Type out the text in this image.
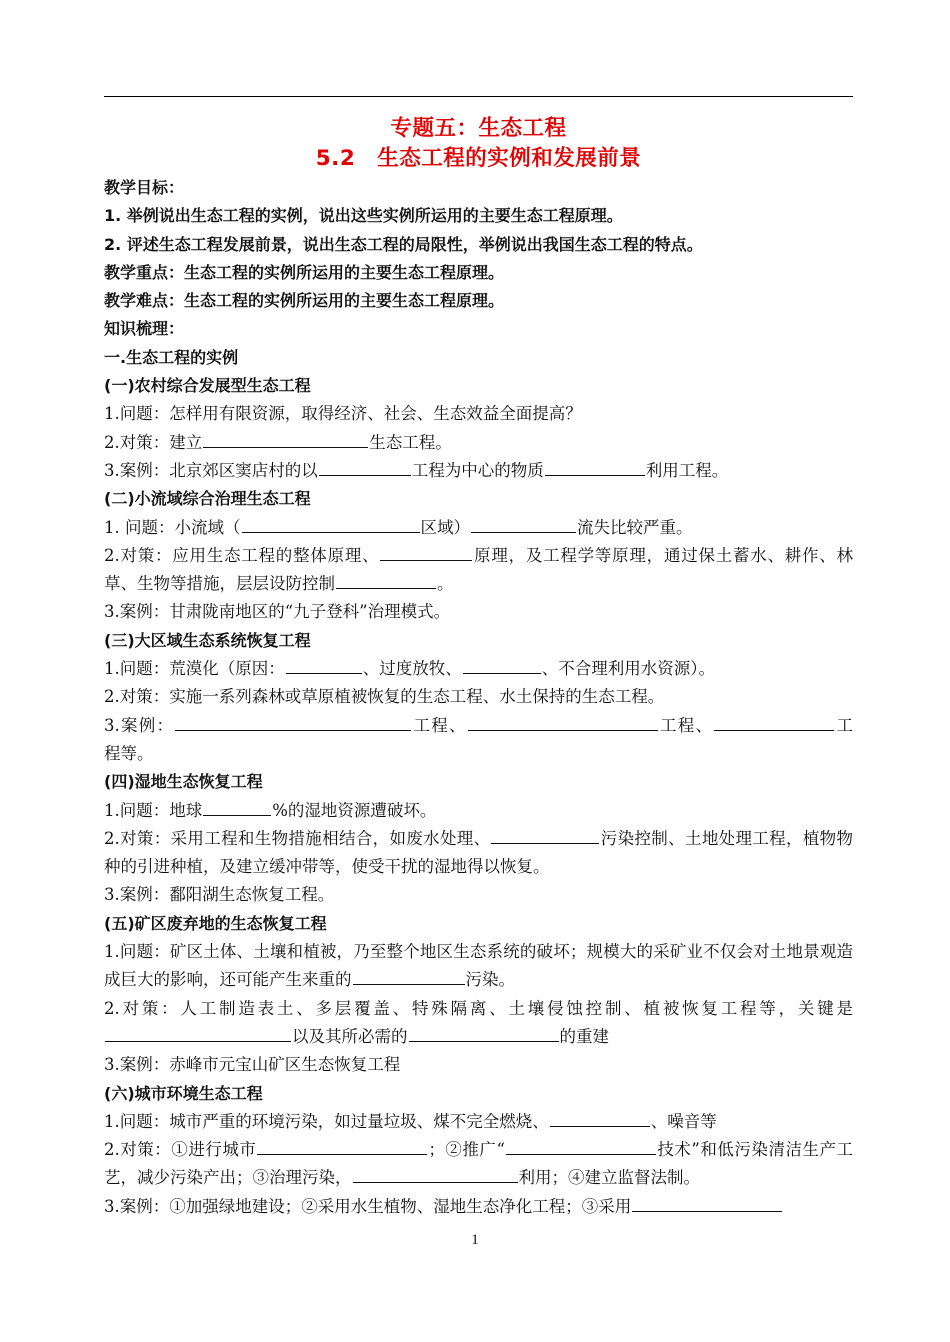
专题五：生态工程
5.2　生态工程的实例和发展前景
教学目标：
1. 举例说出生态工程的实例，说出这些实例所运用的主要生态工程原理。
2. 评述生态工程发展前景，说出生态工程的局限性，举例说出我国生态工程的特点。
教学重点：生态工程的实例所运用的主要生态工程原理。
教学难点：生态工程的实例所运用的主要生态工程原理。
知识梳理：
一.生态工程的实例
(一)农村综合发展型生态工程
1.问题：怎样用有限资源，取得经济、社会、生态效益全面提高？
2.对策：建立	生态工程。
3.案例：北京郊区窦店村的以	工程为中心的物质	利用工程。
(二)小流域综合治理生态工程
1. 问题：小流域（	区域）	流失比较严重。
2.对策：应用生态工程的整体原理、	原理，及工程学等原理，通过保土蓄水、耕作、林草、生物等措施，层层设防控制	。
3.案例：甘肃陇南地区的“九子登科”治理模式。
(三)大区域生态系统恢复工程
1.问题：荒漠化（原因：	、过度放牧、	、不合理利用水资源）。
2.对策：实施一系列森林或草原植被恢复的生态工程、水土保持的生态工程。
3.案例：	工程、	工程、	工程等。
(四)湿地生态恢复工程
1.问题：地球	%的湿地资源遭破坏。
2.对策：采用工程和生物措施相结合，如废水处理、	污染控制、土地处理工程，植物物种的引进种植，及建立缓冲带等，使受干扰的湿地得以恢复。
3.案例：鄱阳湖生态恢复工程。
(五)矿区废弃地的生态恢复工程
1.问题：矿区土体、土壤和植被，乃至整个地区生态系统的破坏；规模大的采矿业不仅会对土地景观造成巨大的影响，还可能产生来重的	污染。
2.对策：人工制造表土、多层覆盖、特殊隔离、土壤侵蚀控制、植被恢复工程等，关键是以及其所必需的	的重建
3.案例：赤峰市元宝山矿区生态恢复工程
(六)城市环境生态工程
1.问题：城市严重的环境污染，如过量垃圾、煤不完全燃烧、	、噪音等
2.对策：①进行城市	；②推广“	技术”和低污染清洁生产工艺，减少污染产出；③治理污染，	利用；④建立监督法制。
3.案例：①加强绿地建设；②采用水生植物、湿地生态净化工程；③采用
1
